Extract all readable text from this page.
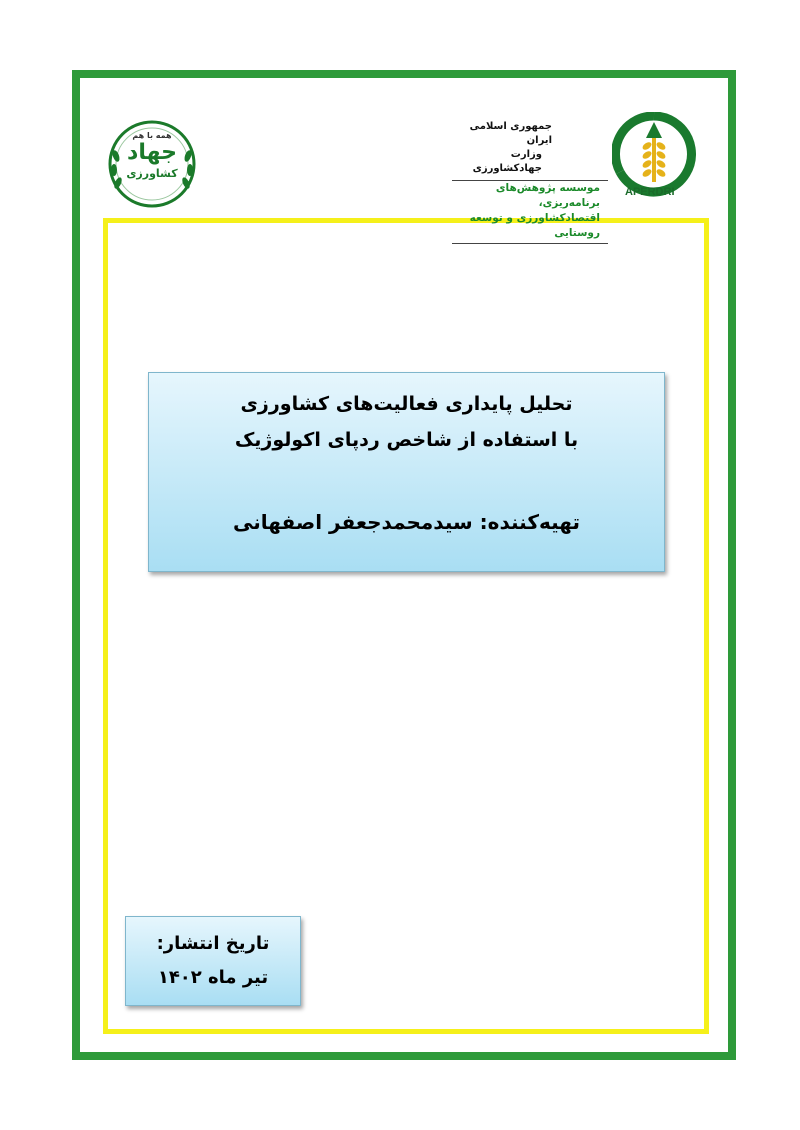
جمهوری اسلامی ایران
وزارت جهادکشاورزی
موسسه پژوهش‌های برنامه‌ریزی،
اقتصادکشاورزی و توسعه روستایی
APERDRI
همه با هم
جهاد
کشاورزی
تحلیل پایداری فعالیت‌های کشاورزی
با استفاده از شاخص ردپای اکولوژیک
تهیه‌کننده: سیدمحمدجعفر اصفهانی
تاریخ انتشار:
تیر ماه ۱۴۰۲
